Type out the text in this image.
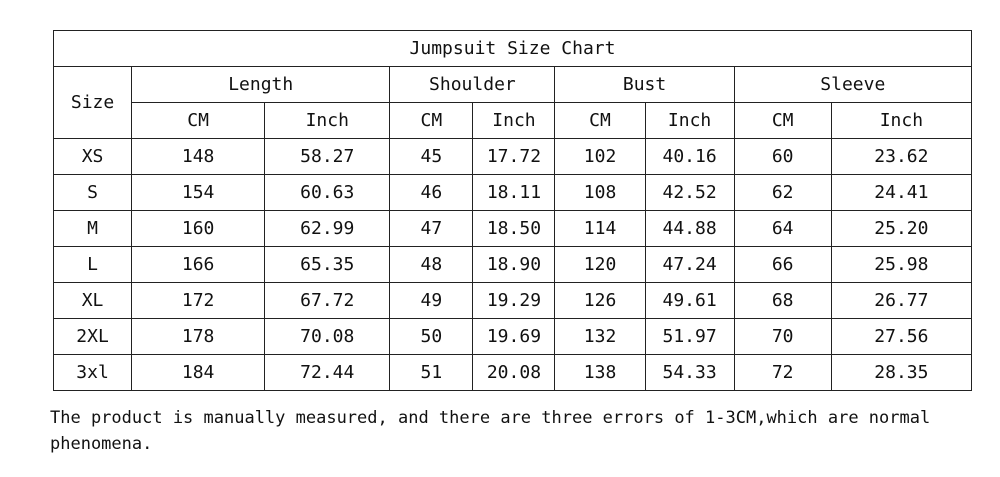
Jumpsuit Size Chart								
Size	Length		Shoulder		Bust		Sleeve	
	CM	Inch	CM	Inch	CM	Inch	CM	Inch
XS	148	58.27	45	17.72	102	40.16	60	23.62
S	154	60.63	46	18.11	108	42.52	62	24.41
M	160	62.99	47	18.50	114	44.88	64	25.20
L	166	65.35	48	18.90	120	47.24	66	25.98
XL	172	67.72	49	19.29	126	49.61	68	26.77
2XL	178	70.08	50	19.69	132	51.97	70	27.56
3xl	184	72.44	51	20.08	138	54.33	72	28.35

The product is manually measured, and there are three errors of 1-3CM,which are normal phenomena.
